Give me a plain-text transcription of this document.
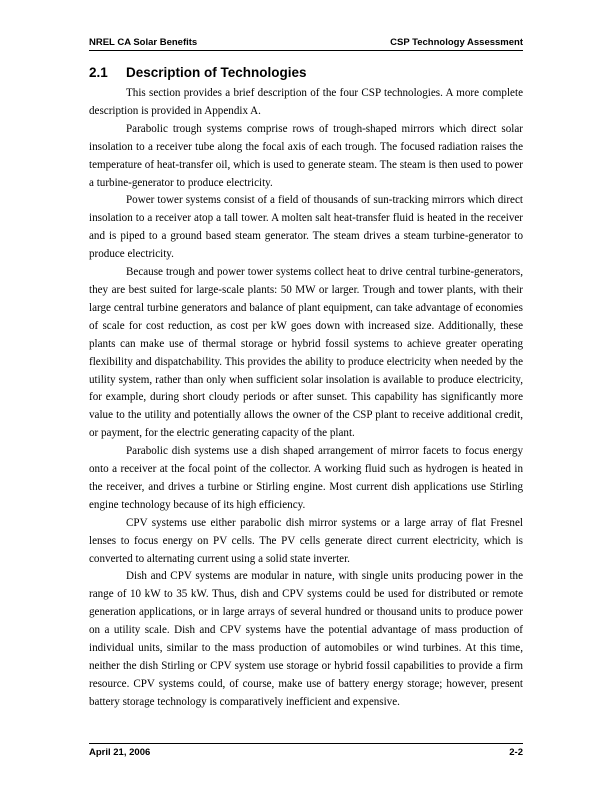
NREL CA Solar Benefits	CSP Technology Assessment
2.1 Description of Technologies

This section provides a brief description of the four CSP technologies. A more complete description is provided in Appendix A.

Parabolic trough systems comprise rows of trough-shaped mirrors which direct solar insolation to a receiver tube along the focal axis of each trough. The focused radiation raises the temperature of heat-transfer oil, which is used to generate steam. The steam is then used to power a turbine-generator to produce electricity.

Power tower systems consist of a field of thousands of sun-tracking mirrors which direct insolation to a receiver atop a tall tower. A molten salt heat-transfer fluid is heated in the receiver and is piped to a ground based steam generator. The steam drives a steam turbine-generator to produce electricity.

Because trough and power tower systems collect heat to drive central turbine-generators, they are best suited for large-scale plants: 50 MW or larger. Trough and tower plants, with their large central turbine generators and balance of plant equipment, can take advantage of economies of scale for cost reduction, as cost per kW goes down with increased size. Additionally, these plants can make use of thermal storage or hybrid fossil systems to achieve greater operating flexibility and dispatchability. This provides the ability to produce electricity when needed by the utility system, rather than only when sufficient solar insolation is available to produce electricity, for example, during short cloudy periods or after sunset. This capability has significantly more value to the utility and potentially allows the owner of the CSP plant to receive additional credit, or payment, for the electric generating capacity of the plant.

Parabolic dish systems use a dish shaped arrangement of mirror facets to focus energy onto a receiver at the focal point of the collector. A working fluid such as hydrogen is heated in the receiver, and drives a turbine or Stirling engine. Most current dish applications use Stirling engine technology because of its high efficiency.

CPV systems use either parabolic dish mirror systems or a large array of flat Fresnel lenses to focus energy on PV cells. The PV cells generate direct current electricity, which is converted to alternating current using a solid state inverter.

Dish and CPV systems are modular in nature, with single units producing power in the range of 10 kW to 35 kW. Thus, dish and CPV systems could be used for distributed or remote generation applications, or in large arrays of several hundred or thousand units to produce power on a utility scale. Dish and CPV systems have the potential advantage of mass production of individual units, similar to the mass production of automobiles or wind turbines. At this time, neither the dish Stirling or CPV system use storage or hybrid fossil capabilities to provide a firm resource. CPV systems could, of course, make use of battery energy storage; however, present battery storage technology is comparatively inefficient and expensive.

April 21, 2006	2-2
